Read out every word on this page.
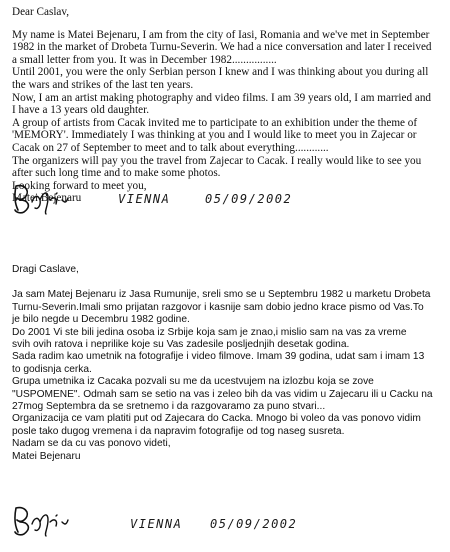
Dear Caslav,

My name is Matei Bejenaru, I am from the city of Iasi, Romania and we've met in September
1982 in the market of Drobeta Turnu-Severin. We had a nice conversation and later I received
a small letter from you. It was in December 1982................
Until 2001, you were the only Serbian person I knew and I was thinking about you during all
the wars and strikes of the last ten years.
Now, I am an artist making photography and video films. I am 39 years old, I am married and
I have a 13 years old daughter.
A group of artists from Cacak invited me to participate to an exhibition under the theme of
'MEMORY'. Immediately I was thinking at you and I would like to meet you in Zajecar or
Cacak on 27 of September to meet and to talk about everything............
The organizers will pay you the travel from Zajecar to Cacak. I really would like to see you
after such long time and to make some photos.
Looking forward to meet you,
Matei Bejenaru	VIENNA	05/09/2002

Dragi Caslave,

Ja sam Matej Bejenaru iz Jasa Rumunije, sreli smo se u Septembru 1982 u marketu Drobeta
Turnu-Severin.Imali smo prijatan razgovor i kasnije sam dobio jedno krace pismo od Vas.To
je bilo negde u Decembru 1982 godine.
Do 2001 Vi ste bili jedina osoba iz Srbije koja sam je znao,i mislio sam na vas za vreme
svih ovih ratova i neprilike koje su Vas zadesile posljednjih desetak godina.
Sada radim kao umetnik na fotografije i video filmove. Imam 39 godina, udat sam i imam 13
to godisnja cerka.
Grupa umetnika iz Cacaka pozvali su me da ucestvujem na izlozbu koja se zove
"USPOMENE". Odmah sam se setio na vas i zeleo bih da vas vidim u Zajecaru ili u Cacku na
27mog Septembra da se sretnemo i da razgovaramo za puno stvari...
Organizacija ce vam platiti put od Zajecara do Cacka. Mnogo bi voleo da vas ponovo vidim
posle tako dugog vremena i da napravim fotografije od tog naseg susreta.
Nadam se da cu vas ponovo videti,
Matei Bejenaru
VIENNA 05/09/2002
